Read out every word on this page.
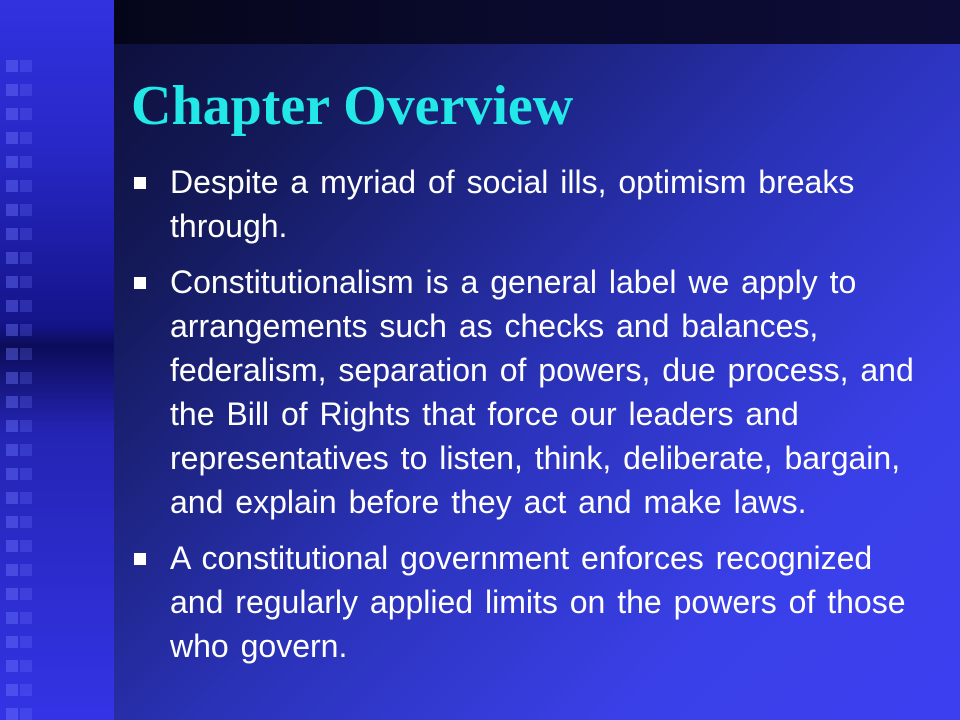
Chapter Overview
Despite a myriad of social ills, optimism breaks through.
Constitutionalism is a general label we apply to arrangements such as checks and balances, federalism, separation of powers, due process, and the Bill of Rights that force our leaders and representatives to listen, think, deliberate, bargain, and explain before they act and make laws.
A constitutional government enforces recognized and regularly applied limits on the powers of those who govern.
